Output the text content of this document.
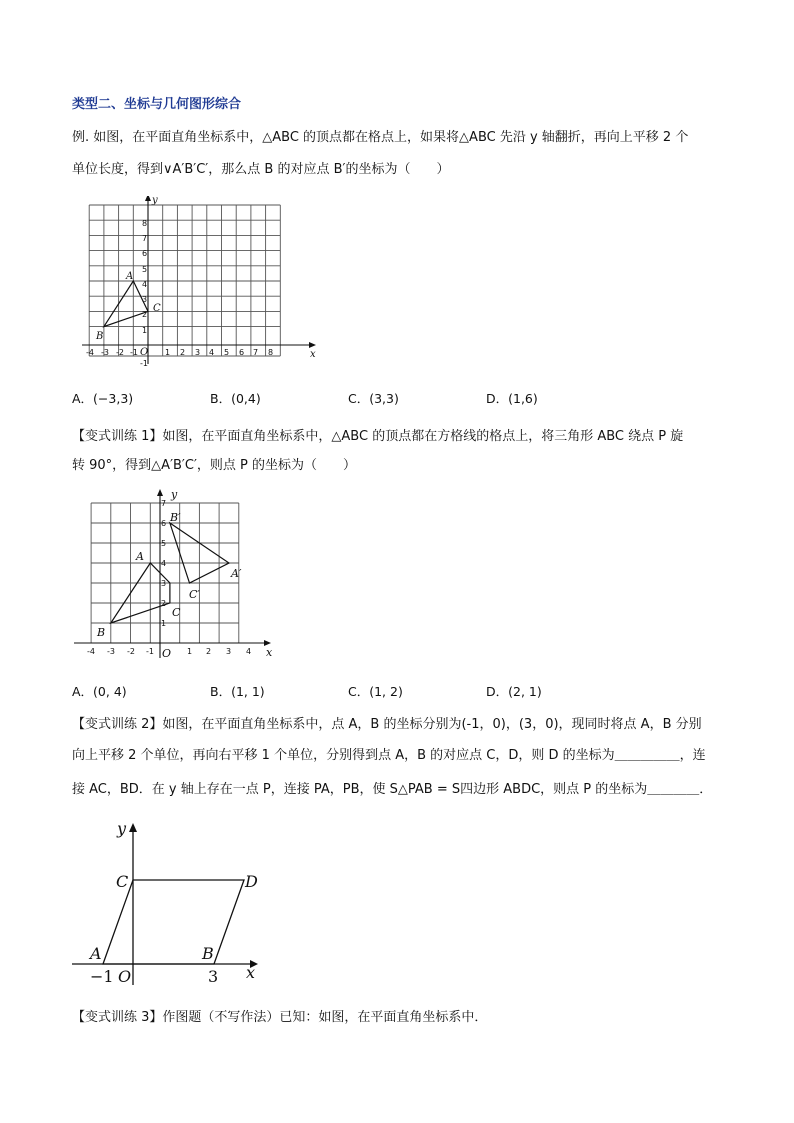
类型二、坐标与几何图形综合
例. 如图，在平面直角坐标系中，△ABC 的顶点都在格点上，如果将△ABC 先沿 y 轴翻折，再向上平移 2 个
单位长度，得到∨A′B′C′，那么点 B 的对应点 B′的坐标为（　　）
A
B
C
x
y
O
-4 -3 -2 -1	1 2 3 4 5 6 7 8
-1
1
2
3
4
5
6
7
8
A．(−3,3)	B．(0,4)	C．(3,3)	D．(1,6)
【变式训练 1】如图，在平面直角坐标系中，△ABC 的顶点都在方格线的格点上，将三角形 ABC 绕点 P 旋
转 90°，得到△A′B′C′，则点 P 的坐标为（　　）
A
B
C
A′
B′
C′
x
y
O
-4 -3 -2 -1	1 2 3 4
1
2
3
4
5
6
7
A．(0, 4)	B．(1, 1)	C．(1, 2)	D．(2, 1)
【变式训练 2】如图，在平面直角坐标系中，点 A，B 的坐标分别为(-1，0)，(3，0)，现同时将点 A，B 分别
向上平移 2 个单位，再向右平移 1 个单位，分别得到点 A，B 的对应点 C，D，则 D 的坐标为＿＿＿＿＿，连
接 AC，BD．在 y 轴上存在一点 P，连接 PA，PB，使 S△PAB = S四边形 ABDC，则点 P 的坐标为＿＿＿＿．
A	B
C	D
x
y
O
−1	3
【变式训练 3】作图题（不写作法）已知：如图，在平面直角坐标系中．
